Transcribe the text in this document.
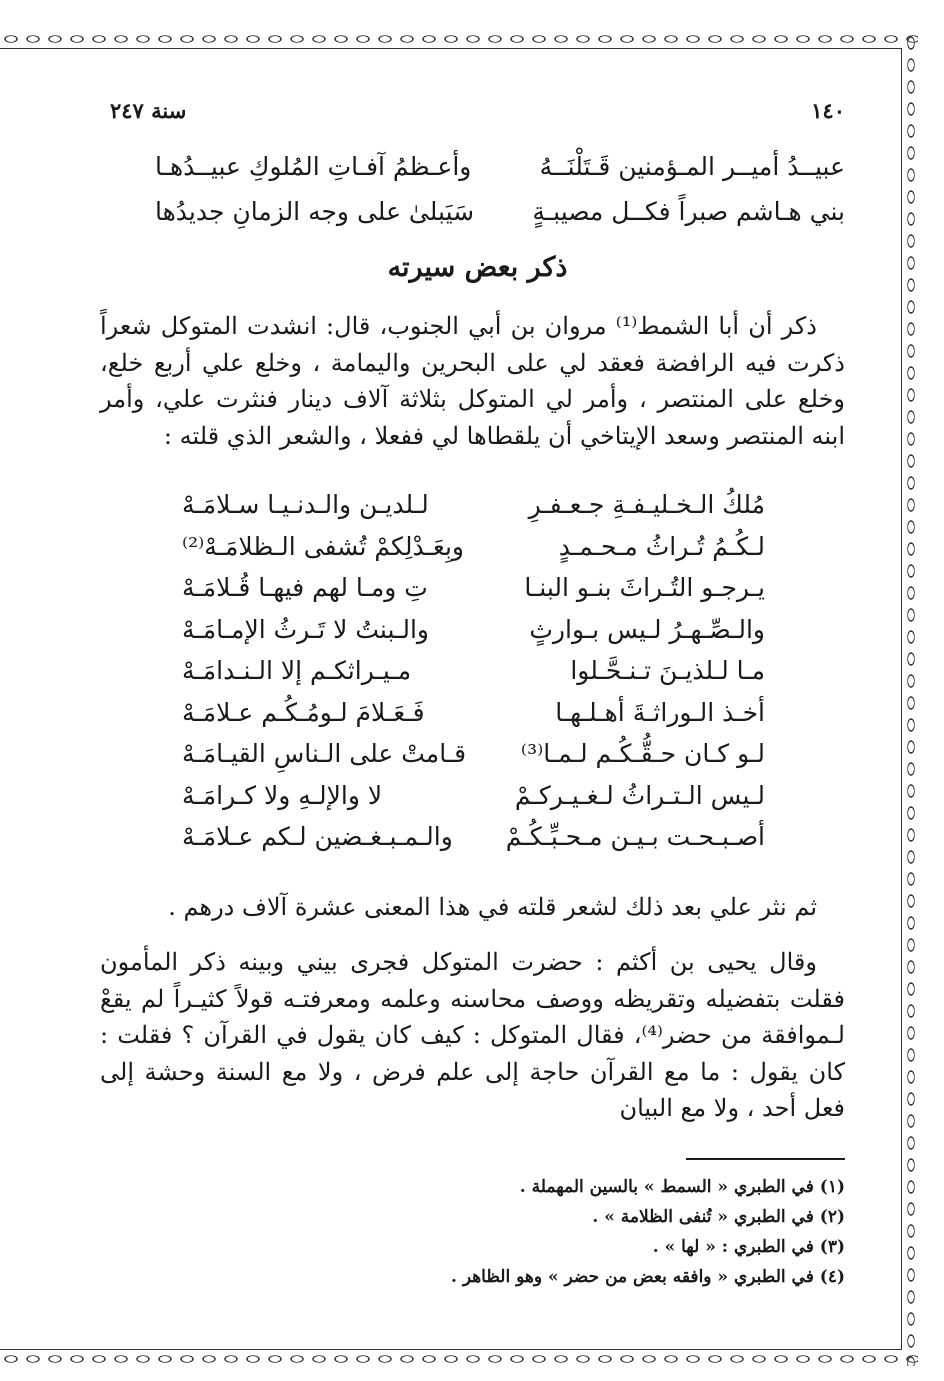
١٤٠
سنة ٢٤٧
عبيــدُ أميــر المـؤمنين قَـتَلْنَــهُ
وأعـظمُ آفـاتِ المُلوكِ عبيــدُهـا
بني هـاشم صبراً فكــل مصيبـةٍ
سَيَبلىٰ على وجه الزمانِ جديدُها
ذكر بعض سيرته

ذكر أن أبا الشمط⁽¹⁾ مروان بن أبي الجنوب، قال: انشدت المتوكل شعراً ذكرت فيه الرافضة فعقد لي على البحرين واليمامة ، وخلع علي أربع خلع، وخلع على المنتصر ، وأمر لي المتوكل بثلاثة آلاف دينار فنثرت علي، وأمر ابنه المنتصر وسعد الإيتاخي أن يلقطاها لي ففعلا ، والشعر الذي قلته :

مُلكُ الـخـليـفـةِ جـعـفـرِ
لـلديـن والـدنـيـا سـلامَـهْ
لـكُـمُ تُـراثُ مـحـمـدٍ
وبِعَـدْلِكمْ تُشفى الـظلامَـهْ⁽²⁾
يـرجـو التُـراثَ بنـو البنـا
تِ ومـا لهم فيهـا قُـلامَـهْ
والـصِّـهـرُ لـيس بـوارثٍ
والـبنتُ لا تَـرثُ الإمـامَـهْ
مـا لـلذيـنَ تـنـحَّـلوا
مـيـراثكـم إلا الـنـدامَـهْ
أخـذ الـوراثـةَ أهـلـهـا
فَـعَـلامَ لـومُـكُـم عـلامَـهْ
لـو كـان حـقُّـكُـم لـمـا⁽³⁾
قـامتْ على الـناسِ القيـامَـهْ
لـيس الـتـراثُ لـغـيـركـمْ
لا والإلـهِ ولا كـرامَـهْ
أصـبـحـت بـيـن مـحـبِّـكُـمْ
والـمـبـغـضين لـكم عـلامَـهْ

ثم نثر علي بعد ذلك لشعر قلته في هذا المعنى عشرة آلاف درهم .

وقال يحيى بن أكثم : حضرت المتوكل فجرى بيني وبينه ذكر المأمون فقلت بتفضيله وتقريظه ووصف محاسنه وعلمه ومعرفتـه قولاً كثيـراً لم يقعْ لـموافقة من حضر⁽⁴⁾، فقال المتوكل : كيف كان يقول في القرآن ؟ فقلت : كان يقول : ما مع القرآن حاجة إلى علم فرض ، ولا مع السنة وحشة إلى فعل أحد ، ولا مع البيان

(١) في الطبري « السمط » بالسين المهملة .
(٢) في الطبري « تُنفى الظلامة » .
(٣) في الطبري : « لها » .
(٤) في الطبري « وافقه بعض من حضر » وهو الظاهر .
